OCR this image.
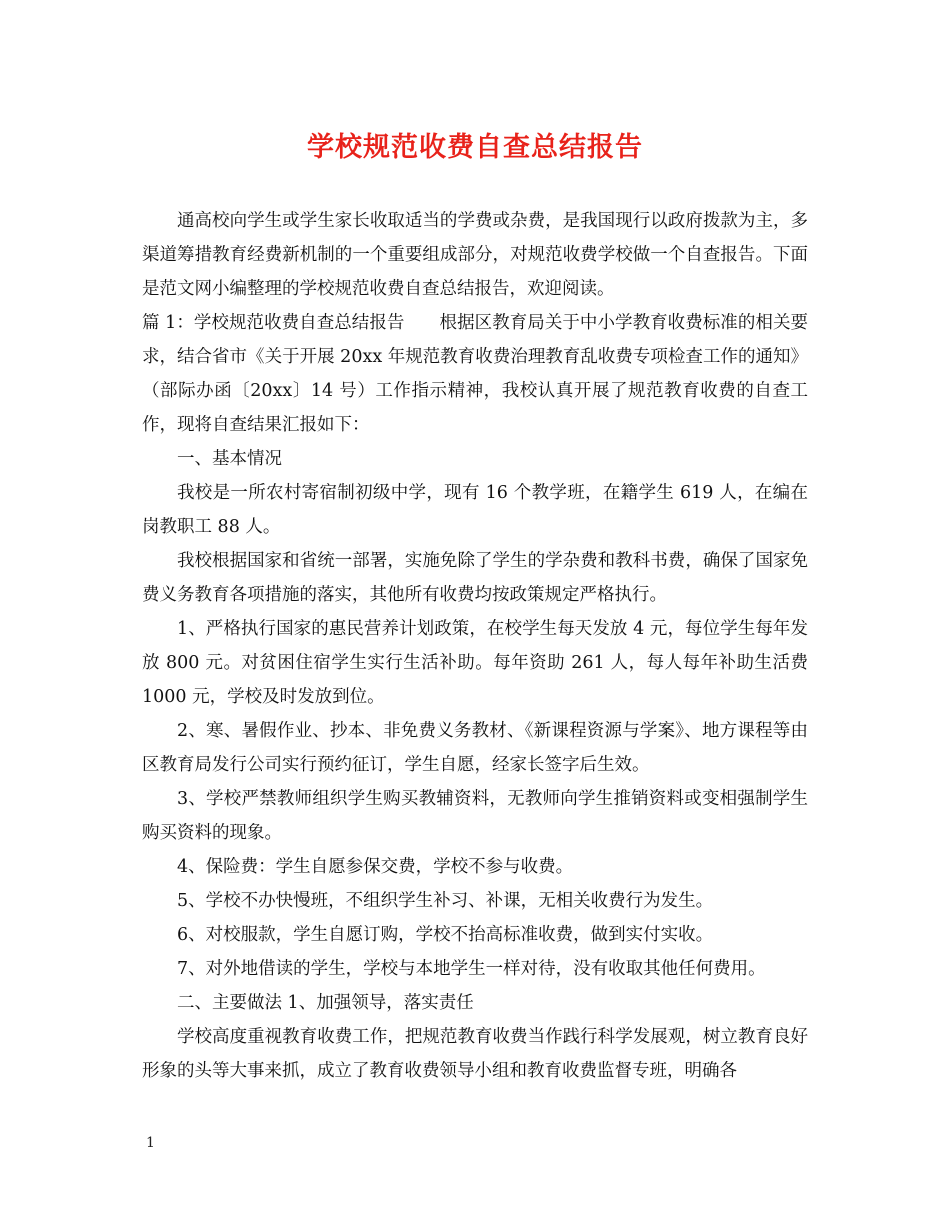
学校规范收费自查总结报告

通高校向学生或学生家长收取适当的学费或杂费，是我国现行以政府拨款为主，多渠道筹措教育经费新机制的一个重要组成部分，对规范收费学校做一个自查报告。下面是范文网小编整理的学校规范收费自查总结报告，欢迎阅读。

篇 1：学校规范收费自查总结报告　　根据区教育局关于中小学教育收费标准的相关要求，结合省市《关于开展 20xx 年规范教育收费治理教育乱收费专项检查工作的通知》（部际办函〔20xx〕14 号）工作指示精神，我校认真开展了规范教育收费的自查工作，现将自查结果汇报如下：

一、基本情况

我校是一所农村寄宿制初级中学，现有 16 个教学班，在籍学生 619 人，在编在岗教职工 88 人。

我校根据国家和省统一部署，实施免除了学生的学杂费和教科书费，确保了国家免费义务教育各项措施的落实，其他所有收费均按政策规定严格执行。

1、严格执行国家的惠民营养计划政策，在校学生每天发放 4 元，每位学生每年发放 800 元。对贫困住宿学生实行生活补助。每年资助 261 人，每人每年补助生活费 1000 元，学校及时发放到位。

2、寒、暑假作业、抄本、非免费义务教材、《新课程资源与学案》、地方课程等由区教育局发行公司实行预约征订，学生自愿，经家长签字后生效。

3、学校严禁教师组织学生购买教辅资料，无教师向学生推销资料或变相强制学生购买资料的现象。

4、保险费：学生自愿参保交费，学校不参与收费。

5、学校不办快慢班，不组织学生补习、补课，无相关收费行为发生。

6、对校服款，学生自愿订购，学校不抬高标准收费，做到实付实收。

7、对外地借读的学生，学校与本地学生一样对待，没有收取其他任何费用。

二、主要做法 1、加强领导，落实责任

学校高度重视教育收费工作，把规范教育收费当作践行科学发展观，树立教育良好形象的头等大事来抓，成立了教育收费领导小组和教育收费监督专班，明确各

1
